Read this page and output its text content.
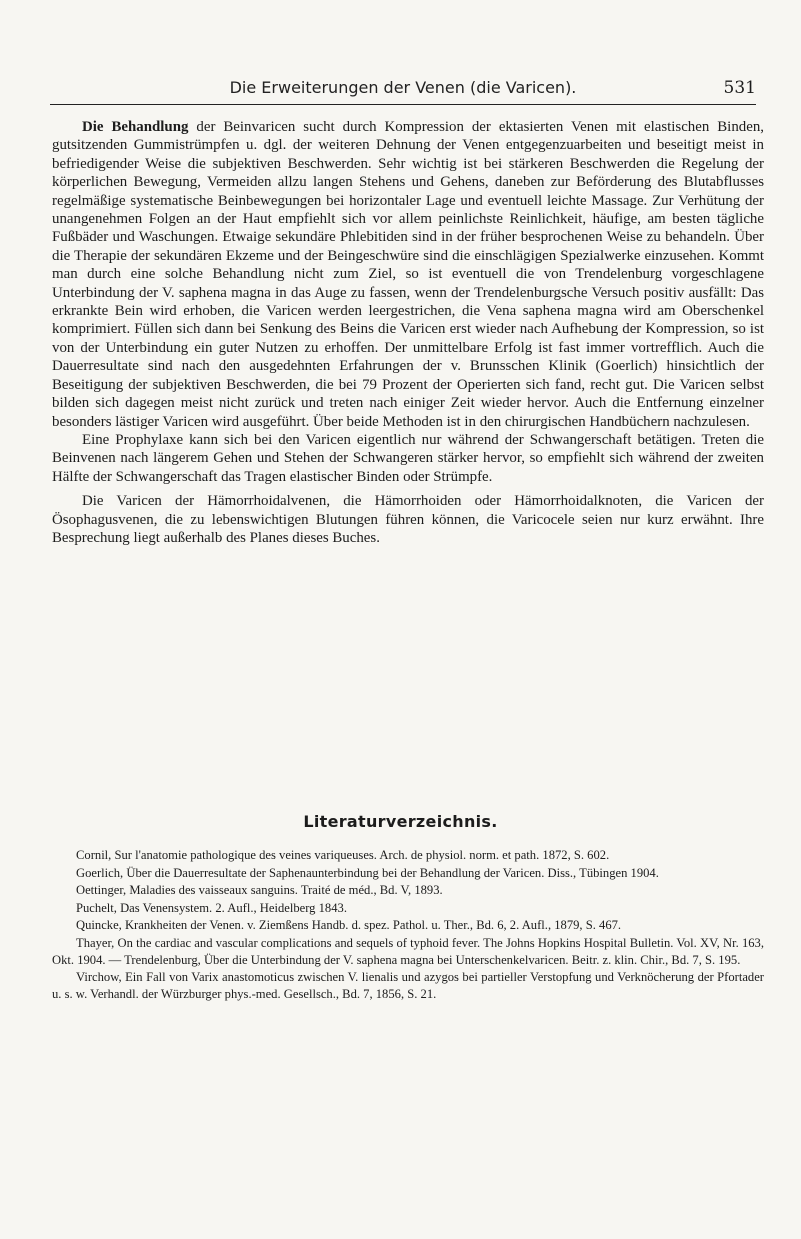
Die Erweiterungen der Venen (die Varicen).	531

Die Behandlung der Beinvaricen sucht durch Kompression der ektasierten Venen mit elastischen Binden, gutsitzenden Gummistrümpfen u. dgl. der weiteren Dehnung der Venen entgegenzuarbeiten und beseitigt meist in befriedigender Weise die subjektiven Beschwerden. Sehr wichtig ist bei stärkeren Beschwerden die Regelung der körperlichen Bewegung, Vermeiden allzu langen Stehens und Gehens, daneben zur Beförderung des Blutabflusses regelmäßige systematische Beinbewegungen bei horizontaler Lage und eventuell leichte Massage. Zur Verhütung der unangenehmen Folgen an der Haut empfiehlt sich vor allem peinlichste Reinlichkeit, häufige, am besten tägliche Fußbäder und Waschungen. Etwaige sekundäre Phlebitiden sind in der früher besprochenen Weise zu behandeln. Über die Therapie der sekundären Ekzeme und der Beingeschwüre sind die einschlägigen Spezialwerke einzusehen. Kommt man durch eine solche Behandlung nicht zum Ziel, so ist eventuell die von Trendelenburg vorgeschlagene Unterbindung der V. saphena magna in das Auge zu fassen, wenn der Trendelenburgsche Versuch positiv ausfällt: Das erkrankte Bein wird erhoben, die Varicen werden leergestrichen, die Vena saphena magna wird am Oberschenkel komprimiert. Füllen sich dann bei Senkung des Beins die Varicen erst wieder nach Aufhebung der Kompression, so ist von der Unterbindung ein guter Nutzen zu erhoffen. Der unmittelbare Erfolg ist fast immer vortrefflich. Auch die Dauerresultate sind nach den ausgedehnten Erfahrungen der v. Brunsschen Klinik (Goerlich) hinsichtlich der Beseitigung der subjektiven Beschwerden, die bei 79 Prozent der Operierten sich fand, recht gut. Die Varicen selbst bilden sich dagegen meist nicht zurück und treten nach einiger Zeit wieder hervor. Auch die Entfernung einzelner besonders lästiger Varicen wird ausgeführt. Über beide Methoden ist in den chirurgischen Handbüchern nachzulesen.

Eine Prophylaxe kann sich bei den Varicen eigentlich nur während der Schwangerschaft betätigen. Treten die Beinvenen nach längerem Gehen und Stehen der Schwangeren stärker hervor, so empfiehlt sich während der zweiten Hälfte der Schwangerschaft das Tragen elastischer Binden oder Strümpfe.

Die Varicen der Hämorrhoidalvenen, die Hämorrhoiden oder Hämorrhoidalknoten, die Varicen der Ösophagusvenen, die zu lebenswichtigen Blutungen führen können, die Varicocele seien nur kurz erwähnt. Ihre Besprechung liegt außerhalb des Planes dieses Buches.

Literaturverzeichnis.

Cornil, Sur l'anatomie pathologique des veines variqueuses. Arch. de physiol. norm. et path. 1872, S. 602.

Goerlich, Über die Dauerresultate der Saphenaunterbindung bei der Behandlung der Varicen. Diss., Tübingen 1904.

Oettinger, Maladies des vaisseaux sanguins. Traité de méd., Bd. V, 1893.

Puchelt, Das Venensystem. 2. Aufl., Heidelberg 1843.

Quincke, Krankheiten der Venen. v. Ziemßens Handb. d. spez. Pathol. u. Ther., Bd. 6, 2. Aufl., 1879, S. 467.

Thayer, On the cardiac and vascular complications and sequels of typhoid fever. The Johns Hopkins Hospital Bulletin. Vol. XV, Nr. 163, Okt. 1904. — Trendelenburg, Über die Unterbindung der V. saphena magna bei Unterschenkelvaricen. Beitr. z. klin. Chir., Bd. 7, S. 195.

Virchow, Ein Fall von Varix anastomoticus zwischen V. lienalis und azygos bei partieller Verstopfung und Verknöcherung der Pfortader u. s. w. Verhandl. der Würzburger phys.-med. Gesellsch., Bd. 7, 1856, S. 21.
